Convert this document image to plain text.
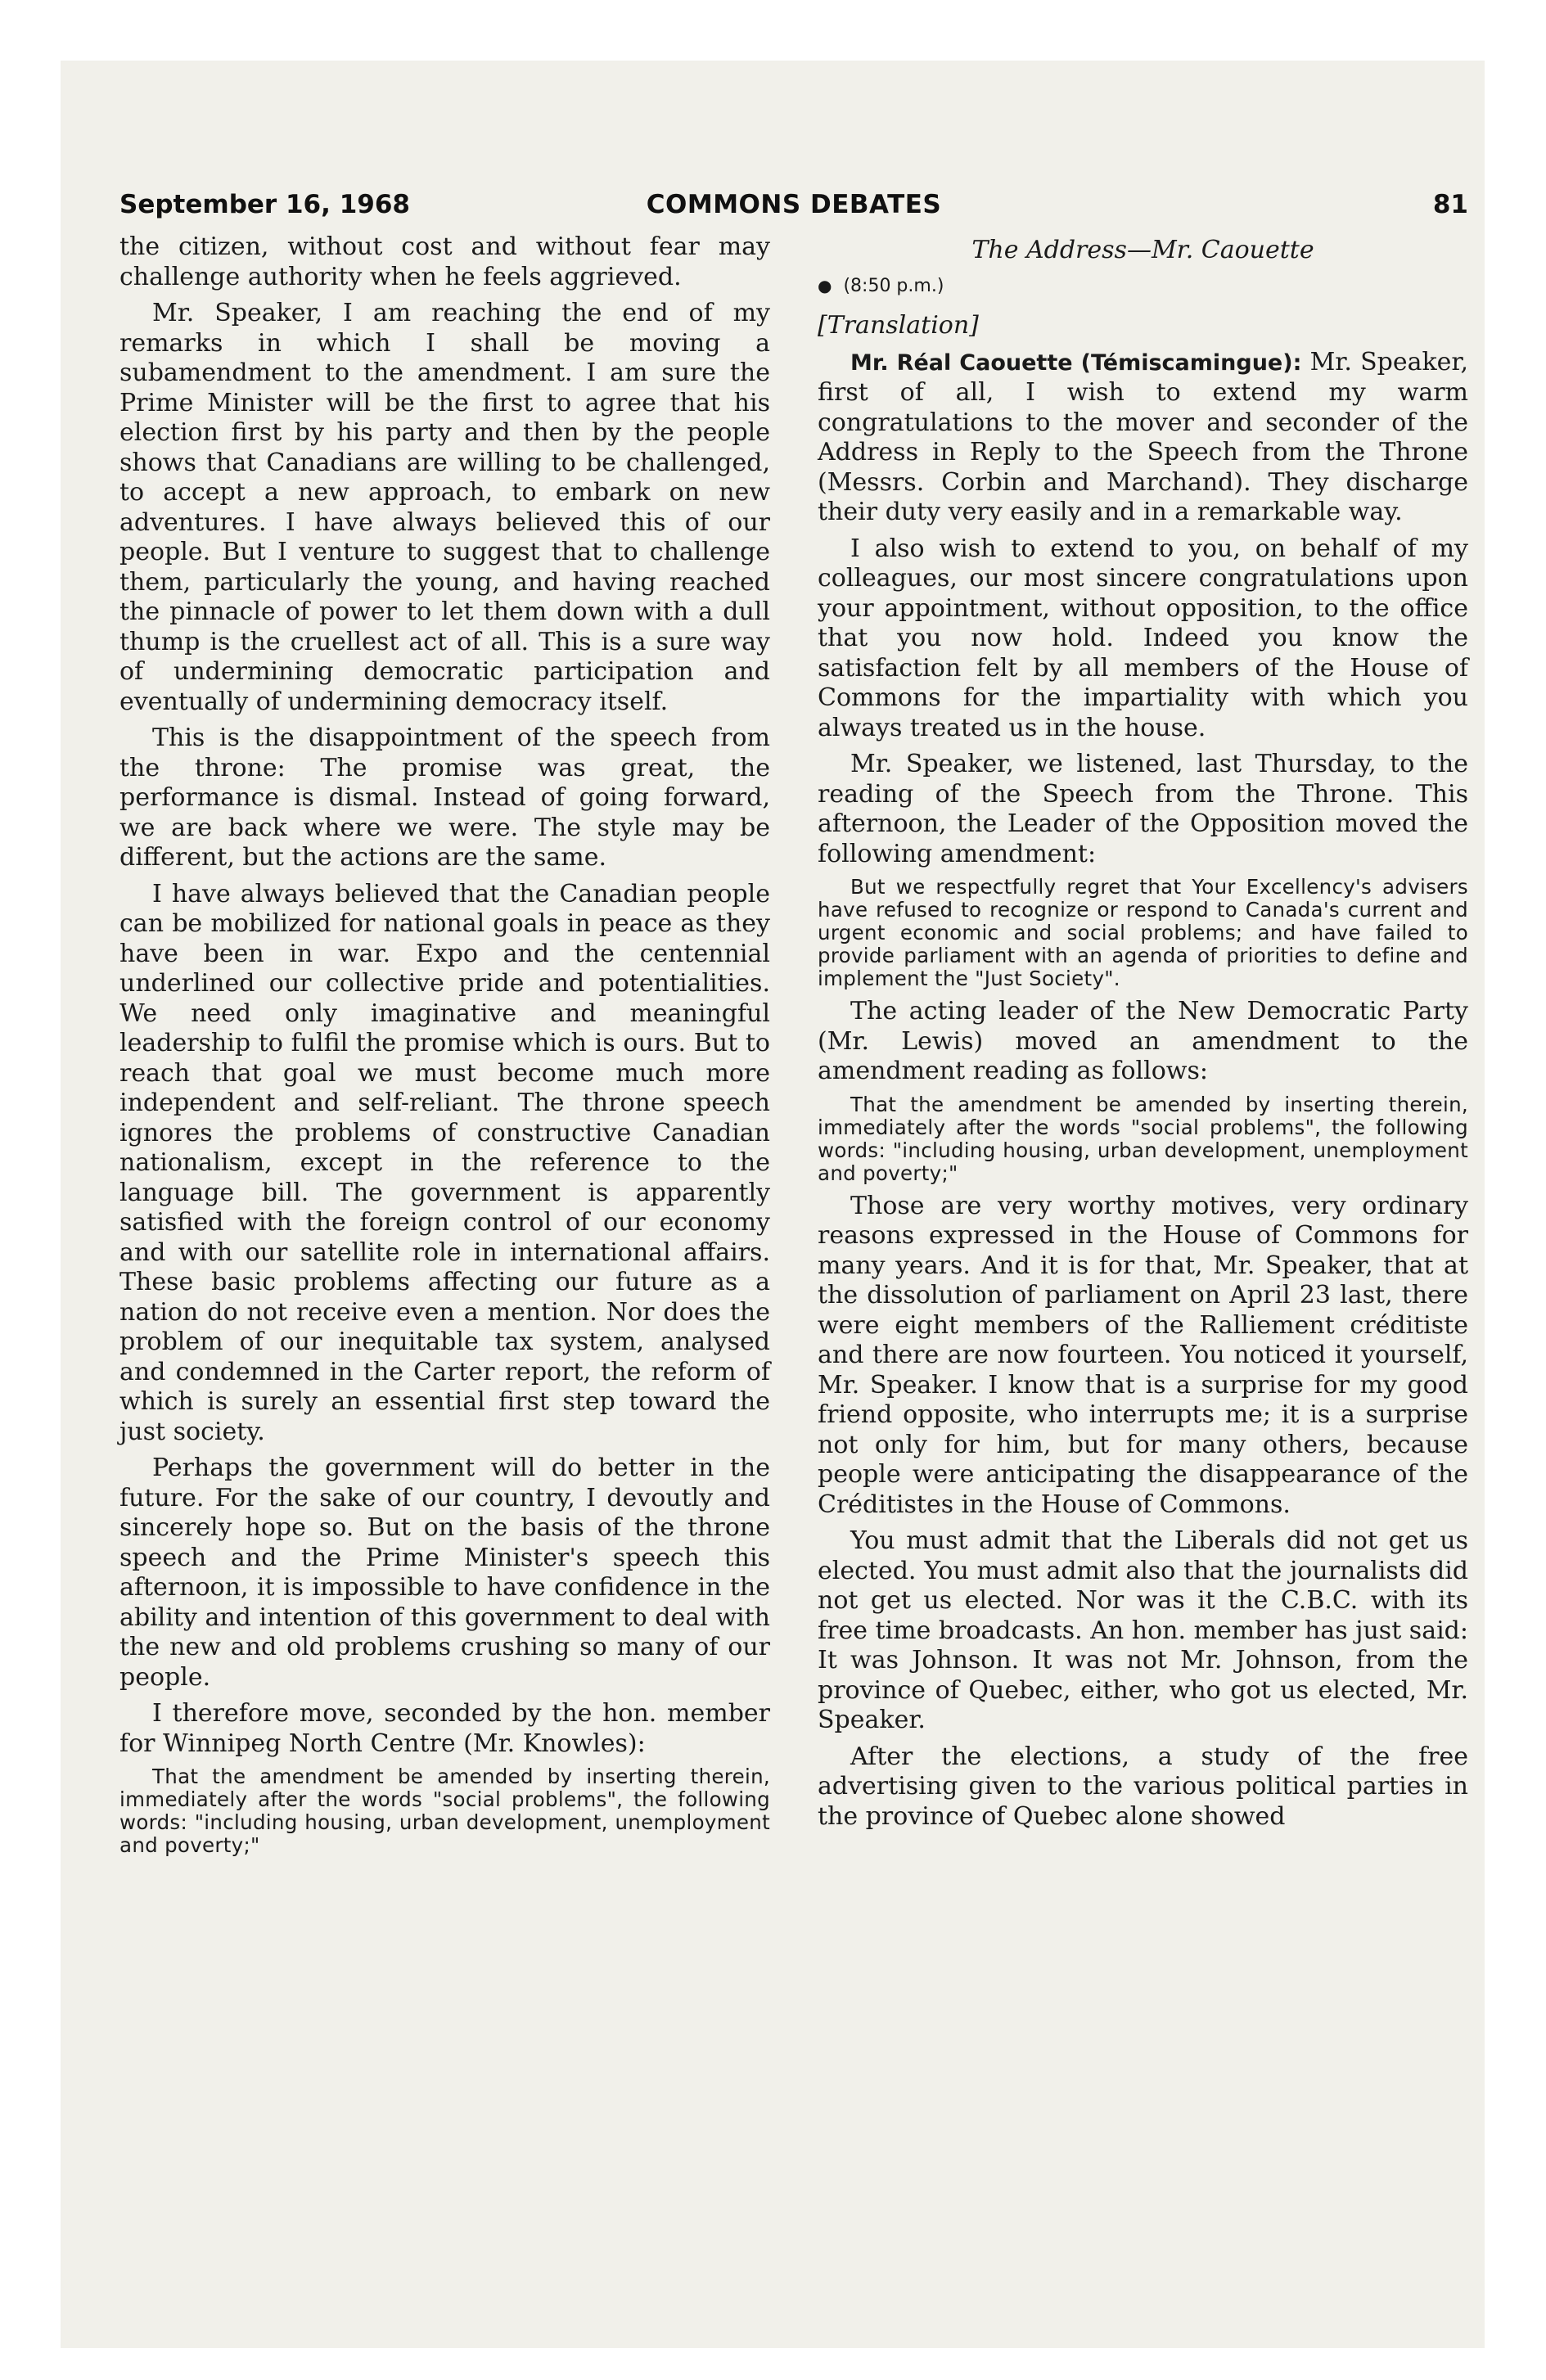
September 16, 1968	COMMONS DEBATES	81

the citizen, without cost and without fear may challenge authority when he feels aggrieved.

Mr. Speaker, I am reaching the end of my remarks in which I shall be moving a subamendment to the amendment. I am sure the Prime Minister will be the first to agree that his election first by his party and then by the people shows that Canadians are willing to be challenged, to accept a new approach, to embark on new adventures. I have always believed this of our people. But I venture to suggest that to challenge them, particularly the young, and having reached the pinnacle of power to let them down with a dull thump is the cruellest act of all. This is a sure way of undermining democratic participation and eventually of undermining democracy itself.

This is the disappointment of the speech from the throne: The promise was great, the performance is dismal. Instead of going forward, we are back where we were. The style may be different, but the actions are the same.

I have always believed that the Canadian people can be mobilized for national goals in peace as they have been in war. Expo and the centennial underlined our collective pride and potentialities. We need only imaginative and meaningful leadership to fulfil the promise which is ours. But to reach that goal we must become much more independent and self-reliant. The throne speech ignores the problems of constructive Canadian nationalism, except in the reference to the language bill. The government is apparently satisfied with the foreign control of our economy and with our satellite role in international affairs. These basic problems affecting our future as a nation do not receive even a mention. Nor does the problem of our inequitable tax system, analysed and condemned in the Carter report, the reform of which is surely an essential first step toward the just society.

Perhaps the government will do better in the future. For the sake of our country, I devoutly and sincerely hope so. But on the basis of the throne speech and the Prime Minister's speech this afternoon, it is impossible to have confidence in the ability and intention of this government to deal with the new and old problems crushing so many of our people.

I therefore move, seconded by the hon. member for Winnipeg North Centre (Mr. Knowles):

That the amendment be amended by inserting therein, immediately after the words "social problems", the following words: "including housing, urban development, unemployment and poverty;"

The Address—Mr. Caouette
● (8:50 p.m.)
[Translation]

Mr. Réal Caouette (Témiscamingue): Mr. Speaker, first of all, I wish to extend my warm congratulations to the mover and seconder of the Address in Reply to the Speech from the Throne (Messrs. Corbin and Marchand). They discharge their duty very easily and in a remarkable way.

I also wish to extend to you, on behalf of my colleagues, our most sincere congratulations upon your appointment, without opposition, to the office that you now hold. Indeed you know the satisfaction felt by all members of the House of Commons for the impartiality with which you always treated us in the house.

Mr. Speaker, we listened, last Thursday, to the reading of the Speech from the Throne. This afternoon, the Leader of the Opposition moved the following amendment:

But we respectfully regret that Your Excellency's advisers have refused to recognize or respond to Canada's current and urgent economic and social problems; and have failed to provide parliament with an agenda of priorities to define and implement the "Just Society".

The acting leader of the New Democratic Party (Mr. Lewis) moved an amendment to the amendment reading as follows:

That the amendment be amended by inserting therein, immediately after the words "social problems", the following words: "including housing, urban development, unemployment and poverty;"

Those are very worthy motives, very ordinary reasons expressed in the House of Commons for many years. And it is for that, Mr. Speaker, that at the dissolution of parliament on April 23 last, there were eight members of the Ralliement créditiste and there are now fourteen. You noticed it yourself, Mr. Speaker. I know that is a surprise for my good friend opposite, who interrupts me; it is a surprise not only for him, but for many others, because people were anticipating the disappearance of the Créditistes in the House of Commons.

You must admit that the Liberals did not get us elected. You must admit also that the journalists did not get us elected. Nor was it the C.B.C. with its free time broadcasts. An hon. member has just said: It was Johnson. It was not Mr. Johnson, from the province of Quebec, either, who got us elected, Mr. Speaker.

After the elections, a study of the free advertising given to the various political parties in the province of Quebec alone showed
